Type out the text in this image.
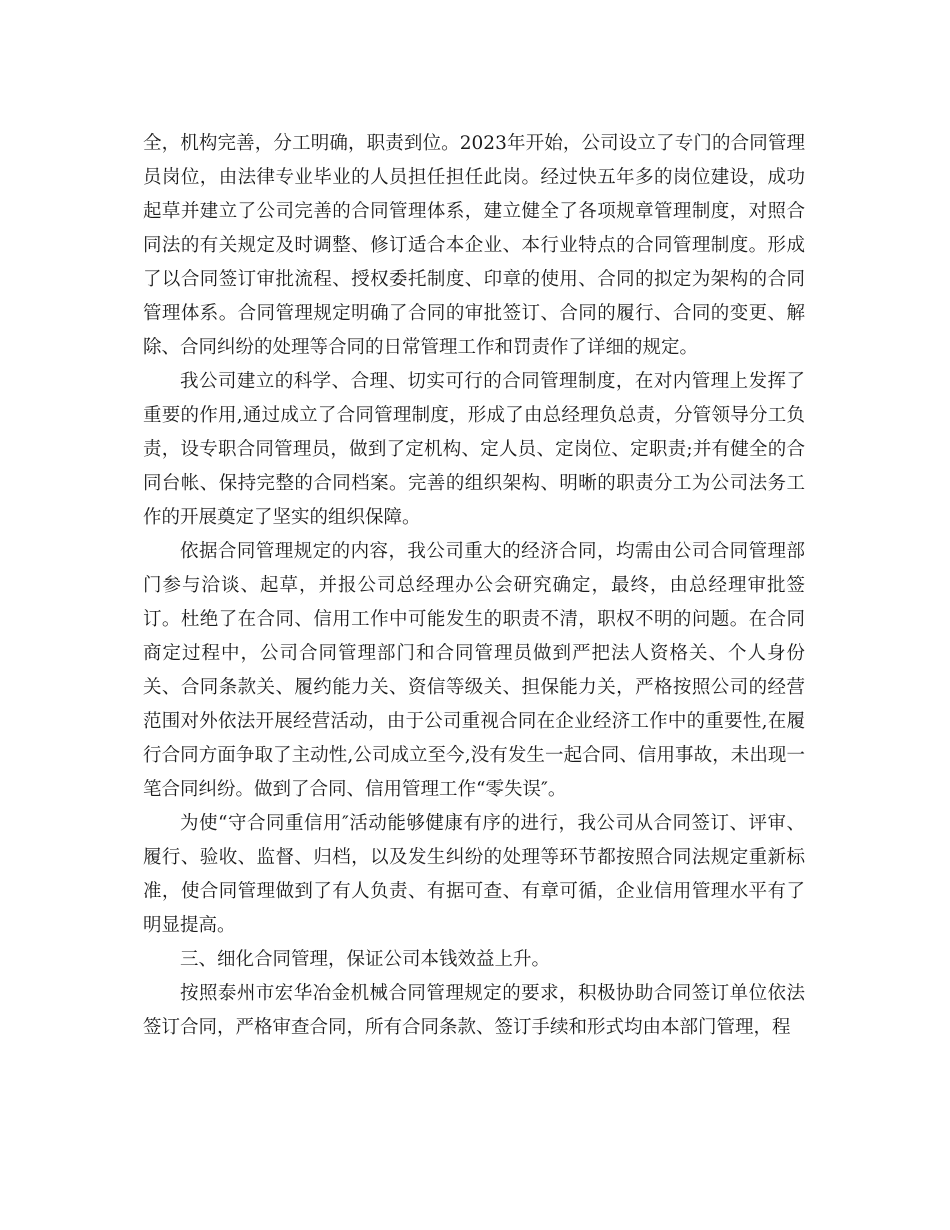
全，机构完善，分工明确，职责到位。2023年开始，公司设立了专门的合同管理员岗位，由法律专业毕业的人员担任担任此岗。经过快五年多的岗位建设，成功起草并建立了公司完善的合同管理体系，建立健全了各项规章管理制度，对照合同法的有关规定及时调整、修订适合本企业、本行业特点的合同管理制度。形成了以合同签订审批流程、授权委托制度、印章的使用、合同的拟定为架构的合同管理体系。合同管理规定明确了合同的审批签订、合同的履行、合同的变更、解除、合同纠纷的处理等合同的日常管理工作和罚责作了详细的规定。

我公司建立的科学、合理、切实可行的合同管理制度，在对内管理上发挥了重要的作用,通过成立了合同管理制度，形成了由总经理负总责，分管领导分工负责，设专职合同管理员，做到了定机构、定人员、定岗位、定职责;并有健全的合同台帐、保持完整的合同档案。完善的组织架构、明晰的职责分工为公司法务工作的开展奠定了坚实的组织保障。

依据合同管理规定的内容，我公司重大的经济合同，均需由公司合同管理部门参与洽谈、起草，并报公司总经理办公会研究确定，最终，由总经理审批签订。杜绝了在合同、信用工作中可能发生的职责不清，职权不明的问题。在合同商定过程中，公司合同管理部门和合同管理员做到严把法人资格关、个人身份关、合同条款关、履约能力关、资信等级关、担保能力关，严格按照公司的经营范围对外依法开展经营活动，由于公司重视合同在企业经济工作中的重要性,在履行合同方面争取了主动性,公司成立至今,没有发生一起合同、信用事故，未出现一笔合同纠纷。做到了合同、信用管理工作“零失误″。

为使“守合同重信用″活动能够健康有序的进行，我公司从合同签订、评审、履行、验收、监督、归档，以及发生纠纷的处理等环节都按照合同法规定重新标准，使合同管理做到了有人负责、有据可查、有章可循，企业信用管理水平有了明显提高。

三、细化合同管理，保证公司本钱效益上升。

按照泰州市宏华冶金机械合同管理规定的要求，积极协助合同签订单位依法签订合同，严格审查合同，所有合同条款、签订手续和形式均由本部门管理，程
